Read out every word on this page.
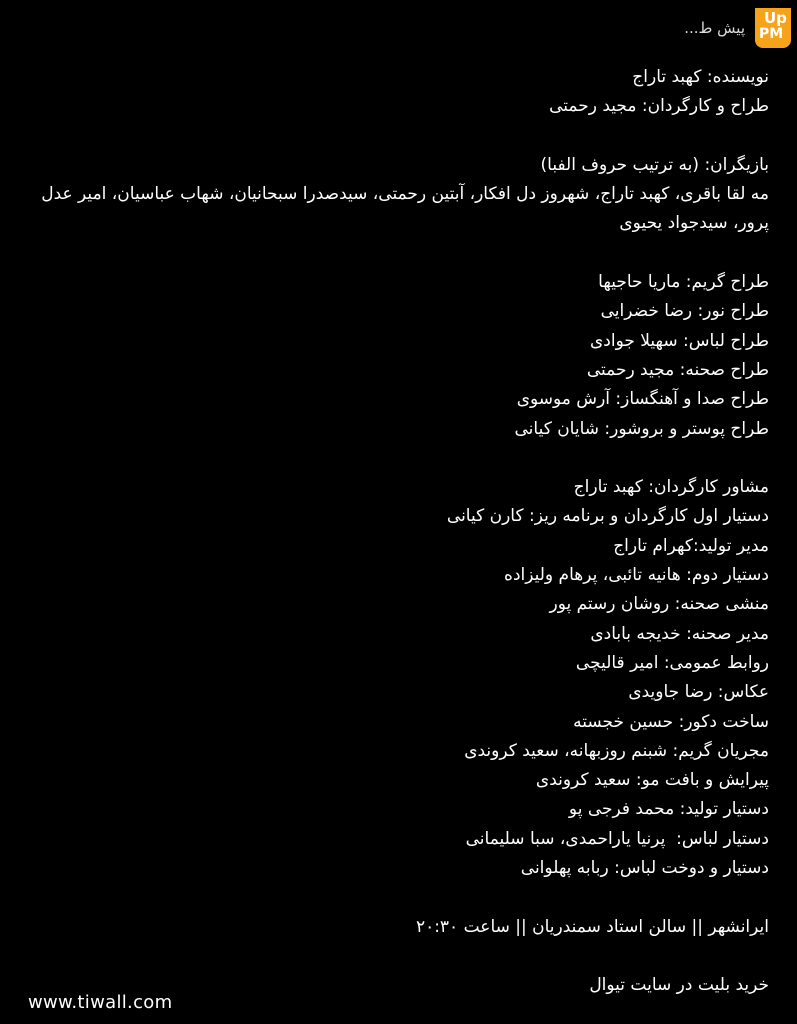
پیش ط...
Up
PM
نویسنده: کهبد تاراج
طراح و کارگردان: مجید رحمتی
بازیگران: (به ترتیب حروف الفبا)
مه لقا باقری، کهبد تاراج، شهروز دل افکار، آبتین رحمتی، سیدصدرا سبحانیان، شهاب عباسیان، امیر عدل پرور، سیدجواد یحیوی
طراح گریم: ماریا حاجیها
طراح نور: رضا خضرایی
طراح لباس: سهیلا جوادی
طراح صحنه: مجید رحمتی
طراح صدا و آهنگساز: آرش موسوی
طراح پوستر و بروشور: شایان کیانی
مشاور کارگردان: کهبد تاراج
دستیار اول کارگردان و برنامه ریز: کارن کیانی
مدیر تولید:کهرام تاراج
دستیار دوم: هانیه تائبی، پرهام ولیزاده
منشی صحنه: روشان رستم پور
مدیر صحنه: خدیجه بابادی
روابط عمومی: امیر قالیچی
عکاس: رضا جاویدی
ساخت دکور: حسین خجسته
مجریان گریم: شبنم روزبهانه، سعید کروندی
پیرایش و بافت مو: سعید کروندی
دستیار تولید: محمد فرجی پو
دستیار لباس:  پرنیا یاراحمدی، سبا سلیمانی
دستیار و دوخت لباس: ربابه پهلوانی
ایرانشهر || سالن استاد سمندریان || ساعت ۲۰:۳۰
خرید بلیت در سایت تیوال
www.tiwall.com
